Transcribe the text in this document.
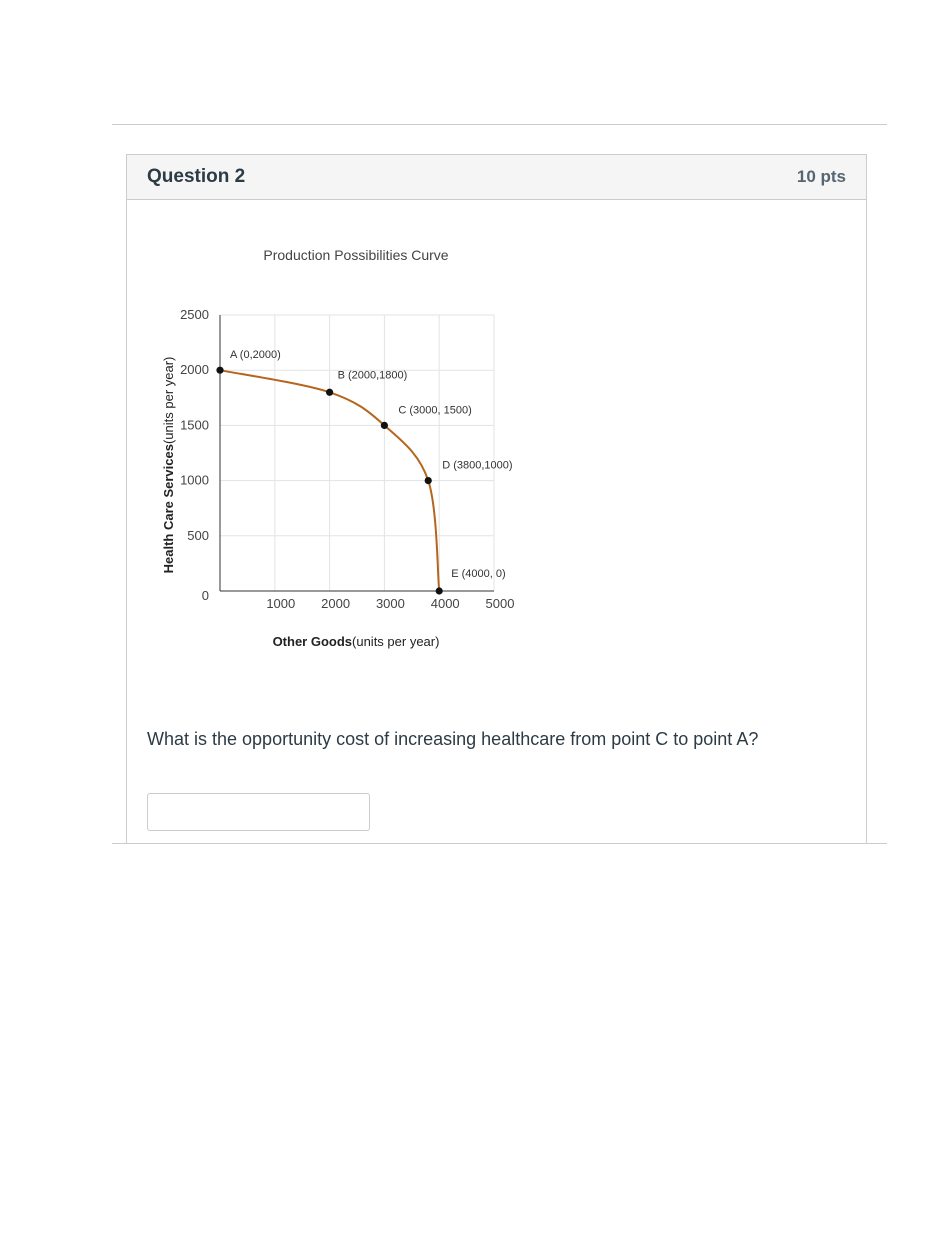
Question 2	10 pts
Production Possibilities Curve
1000 2000 3000 4000 5000
0
500
1000
1500
2000
2500
A (0,2000)
B (2000,1800)
C (3000, 1500)
D (3800,1000)
E (4000, 0)
Other Goods(units per year)
Health Care Services(units per year)
What is the opportunity cost of increasing healthcare from point C to point A?
